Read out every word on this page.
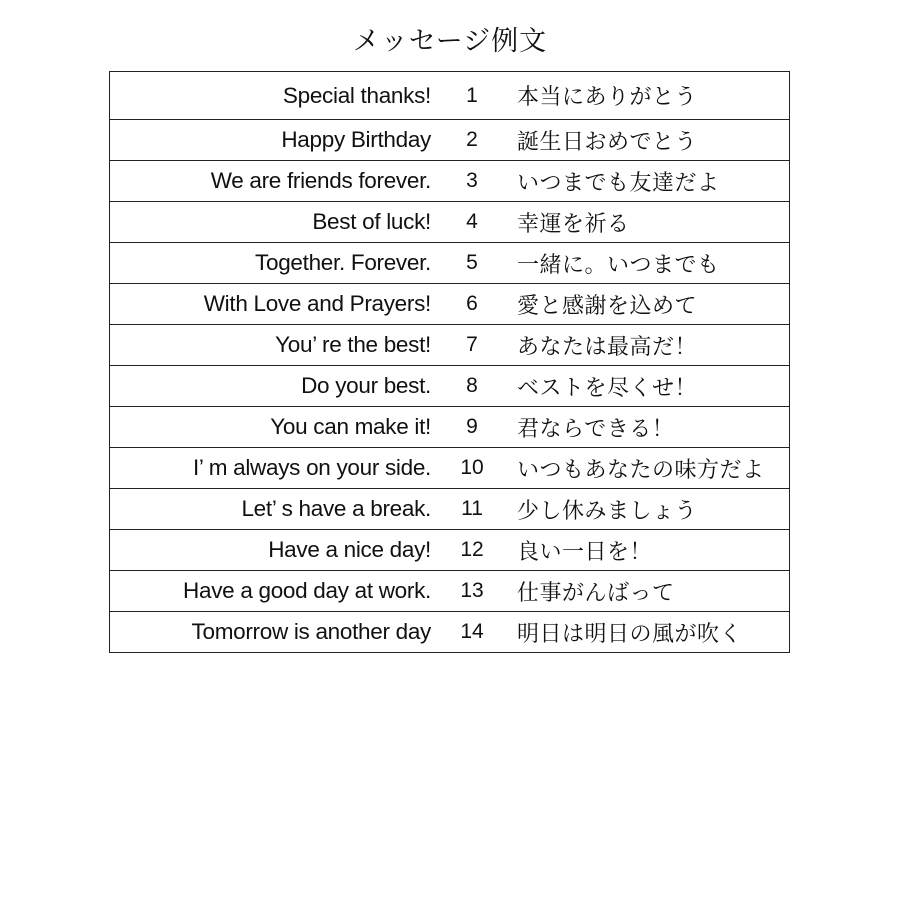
メッセージ例文
Special thanks!	1	本当にありがとう
Happy Birthday	2	誕生日おめでとう
We are friends forever.	3	いつまでも友達だよ
Best of luck!	4	幸運を祈る
Together. Forever.	5	一緒に。いつまでも
With Love and Prayers!	6	愛と感謝を込めて
You’ re the best!	7	あなたは最高だ！
Do your best.	8	ベストを尽くせ！
You can make it!	9	君ならできる！
I’ m always on your side.	10	いつもあなたの味方だよ
Let’ s have a break.	11	少し休みましょう
Have a nice day!	12	良い一日を！
Have a good day at work.	13	仕事がんばって
Tomorrow is another day	14	明日は明日の風が吹く
